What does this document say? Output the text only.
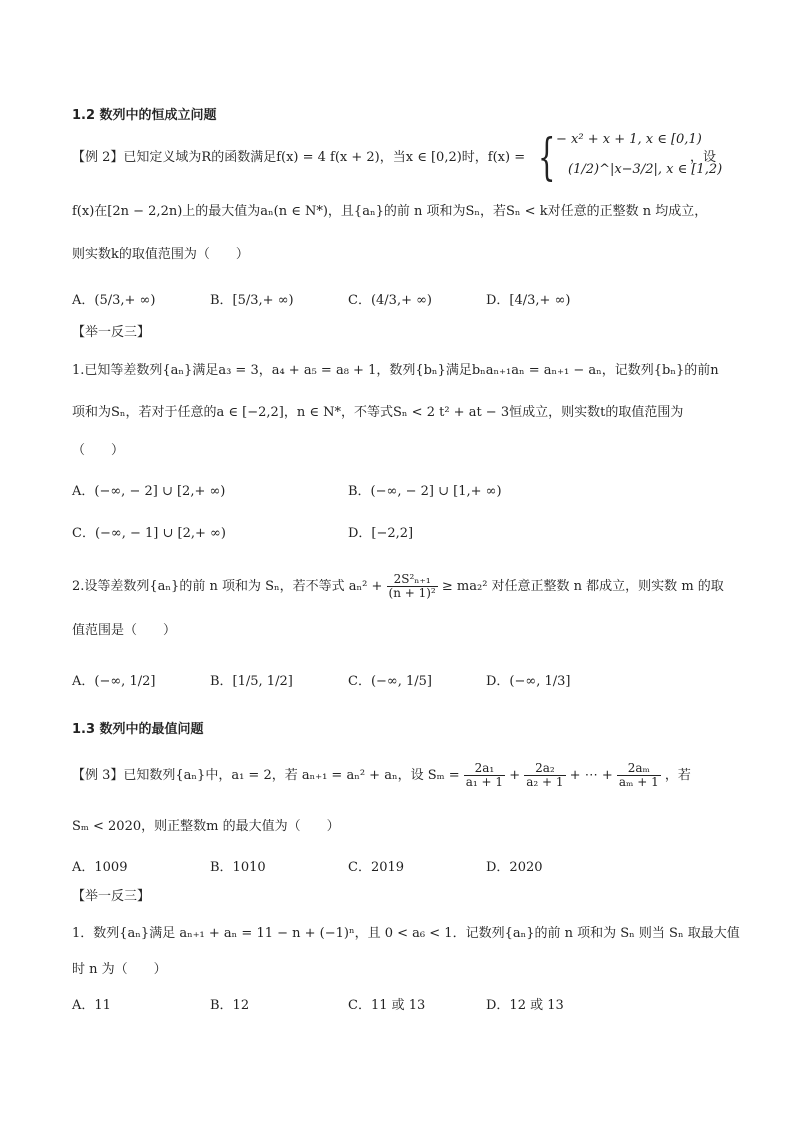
1.2 数列中的恒成立问题
【例 2】已知定义域为R的函数满足f(x) = 4 f(x + 2)，当x ∈ [0,2)时，f(x) = { − x² + x + 1, x ∈ [0,1)
(1/2)^|x−3/2|, x ∈ [1,2)
，设
f(x)在[2n − 2,2n)上的最大值为aₙ(n ∈ N*)，且{aₙ}的前 n 项和为Sₙ，若Sₙ < k对任意的正整数 n 均成立，
则实数k的取值范围为（　　）
A．(5/3,+ ∞)	B．[5/3,+ ∞)	C．(4/3,+ ∞)	D．[4/3,+ ∞)
【举一反三】
1.已知等差数列{aₙ}满足a₃ = 3，a₄ + a₅ = a₈ + 1，数列{bₙ}满足bₙaₙ₊₁aₙ = aₙ₊₁ − aₙ，记数列{bₙ}的前n
项和为Sₙ，若对于任意的a ∈ [−2,2]，n ∈ N*，不等式Sₙ < 2 t² + at − 3恒成立，则实数t的取值范围为
（　　）
A．(−∞, − 2] ∪ [2,+ ∞)	B．(−∞, − 2] ∪ [1,+ ∞)
C．(−∞, − 1] ∪ [2,+ ∞)	D．[−2,2]
2.设等差数列{aₙ}的前 n 项和为 Sₙ，若不等式 $a_n^2 + \frac{\text{2S²ₙ₊₁}}{\text{(n + 1)²}} \ge ma_2^2$ 对任意正整数 n 都成立，则实数 m 的取
值范围是（　　）
A．(−∞, 1/2]	B．[1/5, 1/2]	C．(−∞, 1/5]	D．(−∞, 1/3]
1.3 数列中的最值问题
【例 3】已知数列{aₙ}中，a₁ = 2，若 aₙ₊₁ = aₙ² + aₙ，设 $S_m = \frac{\text{2a₁}}{\text{a₁ + 1}} + \frac{\text{2a₂}}{\text{a₂ + 1}}$ + ⋯ + $\frac{\text{2aₘ}}{\text{aₘ + 1}}$ ，若
Sₘ < 2020，则正整数m 的最大值为（　　）
A．1009	B．1010	C．2019	D．2020
【举一反三】
1．数列{aₙ}满足 aₙ₊₁ + aₙ = 11 − n + (−1)ⁿ，且 0 < a₆ < 1．记数列{aₙ}的前 n 项和为 Sₙ 则当 Sₙ 取最大值
时 n 为（　　）
A．11	B．12	C．11 或 13	D．12 或 13
